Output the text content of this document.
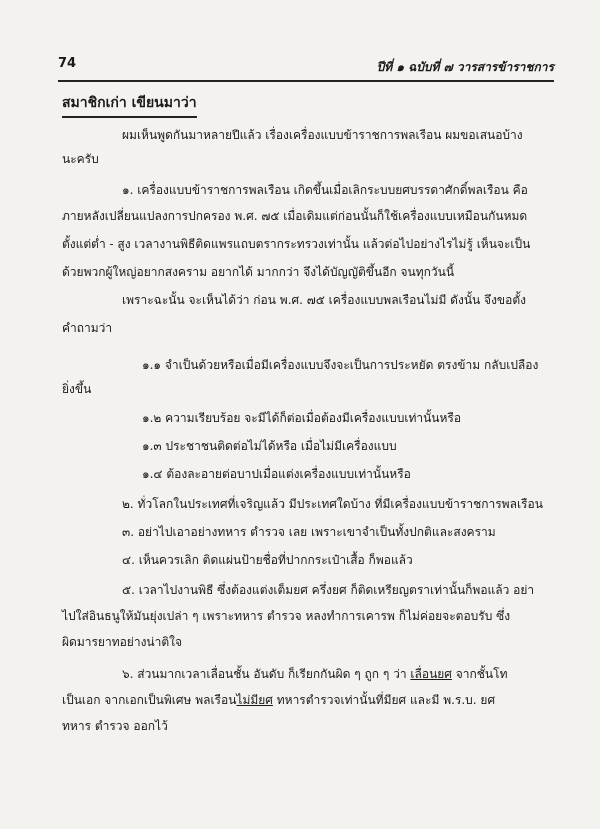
74	ปีที่ ๑ ฉบับที่ ๗ วารสารข้าราชการ
สมาชิกเก่า เขียนมาว่า
ผมเห็นพูดกันมาหลายปีแล้ว เรื่องเครื่องแบบข้าราชการพลเรือน ผมขอเสนอบ้าง
นะครับ
๑. เครื่องแบบข้าราชการพลเรือน เกิดขึ้นเมื่อเลิกระบบยศบรรดาศักดิ์พลเรือน คือ
ภายหลังเปลี่ยนแปลงการปกครอง พ.ศ. ๗๕ เมื่อเดิมแต่ก่อนนั้นก็ใช้เครื่องแบบเหมือนกันหมด
ตั้งแต่ต่ำ - สูง เวลางานพิธีติดแพรแถบตรากระทรวงเท่านั้น แล้วต่อไปอย่างไรไม่รู้ เห็นจะเป็น
ด้วยพวกผู้ใหญ่อยากสงคราม อยากได้ มากกว่า จึงได้บัญญัติขึ้นอีก จนทุกวันนี้
เพราะฉะนั้น จะเห็นได้ว่า ก่อน พ.ศ. ๗๕ เครื่องแบบพลเรือนไม่มี ดังนั้น จึงขอตั้ง
คำถามว่า
๑.๑ จำเป็นด้วยหรือเมื่อมีเครื่องแบบจึงจะเป็นการประหยัด ตรงข้าม กลับเปลือง
ยิ่งขึ้น
๑.๒ ความเรียบร้อย จะมีได้ก็ต่อเมื่อต้องมีเครื่องแบบเท่านั้นหรือ
๑.๓ ประชาชนติดต่อไม่ได้หรือ เมื่อไม่มีเครื่องแบบ
๑.๔ ต้องละอายต่อบาปเมื่อแต่งเครื่องแบบเท่านั้นหรือ
๒. ทั่วโลกในประเทศที่เจริญแล้ว มีประเทศใดบ้าง ที่มีเครื่องแบบข้าราชการพลเรือน
๓. อย่าไปเอาอย่างทหาร ตำรวจ เลย เพราะเขาจำเป็นทั้งปกติและสงคราม
๔. เห็นควรเลิก ติดแผ่นป้ายชื่อที่ปากกระเป๋าเสื้อ ก็พอแล้ว
๕. เวลาไปงานพิธี ซึ่งต้องแต่งเต็มยศ ครึ่งยศ ก็ติดเหรียญตราเท่านั้นก็พอแล้ว อย่า
ไปใส่อินธนูให้มันยุ่งเปล่า ๆ เพราะทหาร ตำรวจ หลงทำการเคารพ ก็ไม่ค่อยจะตอบรับ ซึ่ง
ผิดมารยาทอย่างน่าติใจ
๖. ส่วนมากเวลาเลื่อนชั้น อันดับ ก็เรียกกันผิด ๆ ถูก ๆ ว่า เลื่อนยศ จากชั้นโท
เป็นเอก จากเอกเป็นพิเศษ พลเรือนไม่มียศ ทหารตำรวจเท่านั้นที่มียศ และมี พ.ร.บ. ยศ
ทหาร ตำรวจ ออกไว้
